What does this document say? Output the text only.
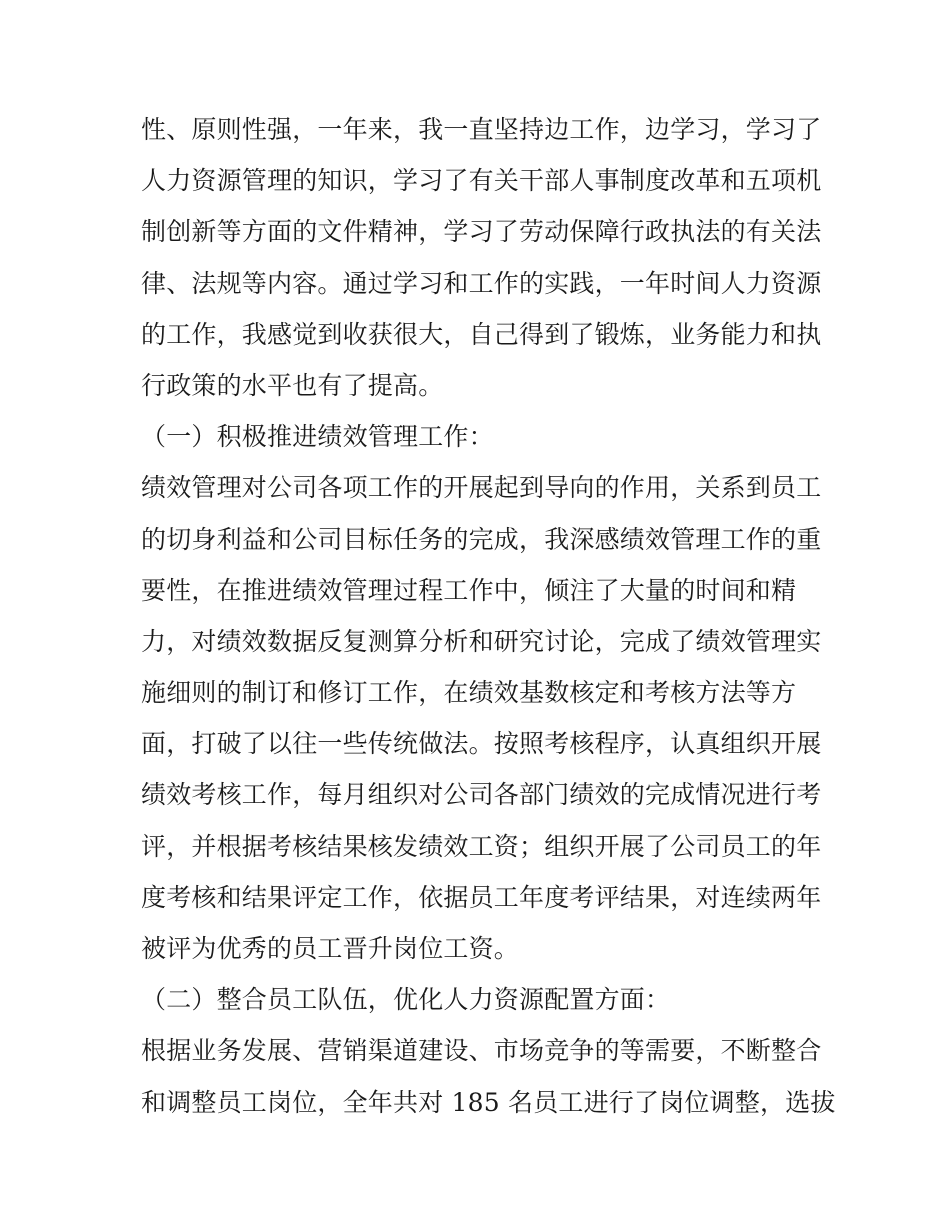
性、原则性强，一年来，我一直坚持边工作，边学习，学习了
人力资源管理的知识，学习了有关干部人事制度改革和五项机
制创新等方面的文件精神，学习了劳动保障行政执法的有关法
律、法规等内容。通过学习和工作的实践，一年时间人力资源
的工作，我感觉到收获很大，自己得到了锻炼，业务能力和执
行政策的水平也有了提高。
（一）积极推进绩效管理工作：
绩效管理对公司各项工作的开展起到导向的作用，关系到员工
的切身利益和公司目标任务的完成，我深感绩效管理工作的重
要性，在推进绩效管理过程工作中，倾注了大量的时间和精
力，对绩效数据反复测算分析和研究讨论，完成了绩效管理实
施细则的制订和修订工作，在绩效基数核定和考核方法等方
面，打破了以往一些传统做法。按照考核程序，认真组织开展
绩效考核工作，每月组织对公司各部门绩效的完成情况进行考
评，并根据考核结果核发绩效工资；组织开展了公司员工的年
度考核和结果评定工作，依据员工年度考评结果，对连续两年
被评为优秀的员工晋升岗位工资。
（二）整合员工队伍，优化人力资源配置方面：
根据业务发展、营销渠道建设、市场竞争的等需要，不断整合
和调整员工岗位，全年共对 185 名员工进行了岗位调整，选拔
